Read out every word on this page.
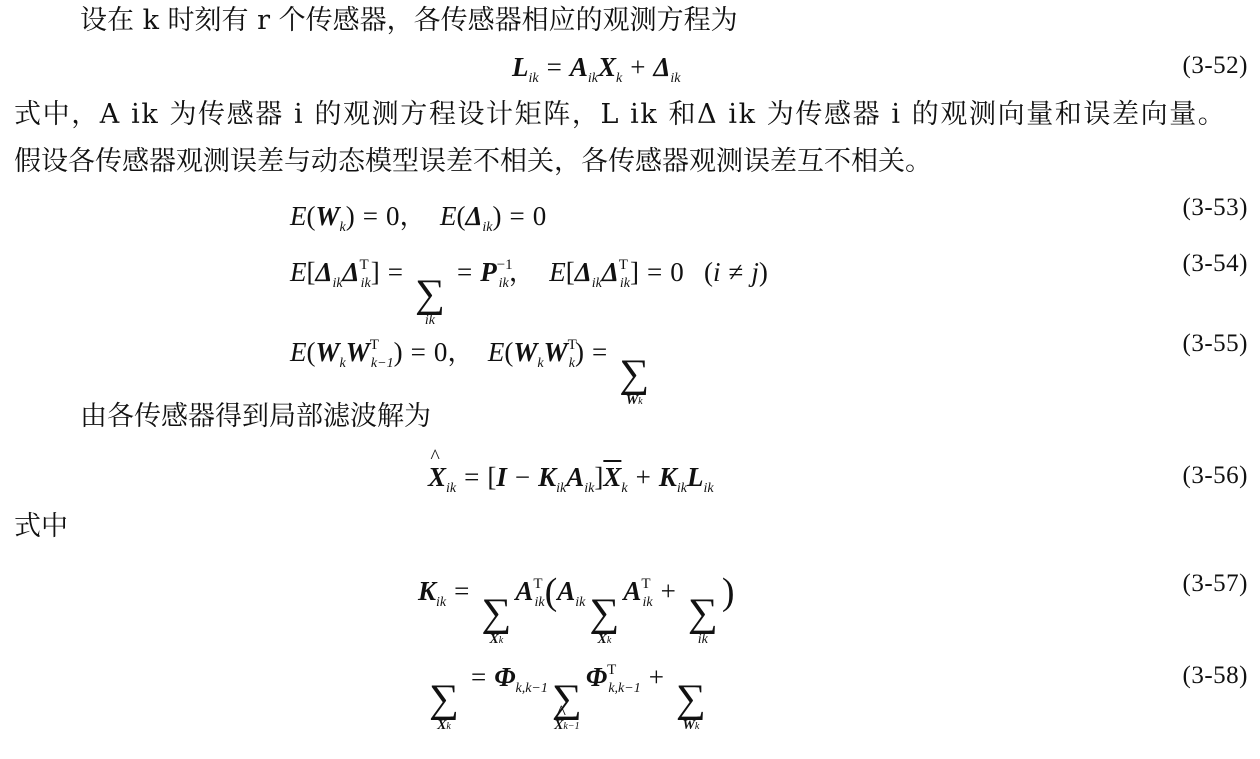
设在 k 时刻有 r 个传感器，各传感器相应的观测方程为
$L_{ik} = A_{ik}X_k + \Delta_{ik}$	(3-52)
式中，A ik 为传感器 i 的观测方程设计矩阵，L ik 和Δ ik 为传感器 i 的观测向量和误差向量。
假设各传感器观测误差与动态模型误差不相关，各传感器观测误差互不相关。
$E(W_k) = 0$，  $E(\Delta_{ik}) = 0$	(3-53)
$E[\Delta_{ik}\Delta^T_{ik}]$ =
∑
ik
= $P^{-1}_{ik}$，  $E[\Delta_{ik}\Delta^T_{ik}] = 0$   (i ≠ j)	(3-54)
$E(W_kW^T_{k-1}) = 0$，  $E(W_kW^T_k)$ =
∑
Wk
(3-55)
由各传感器得到局部滤波解为
^ $X_{ik} = [I - K_{ik}A_{ik}]\overline{X}_k + K_{ik}L_{ik}$	(3-56)
式中
$K_{ik}$ =
∑
$\overline{X}k$
$A^T_{ik}(A_{ik}$ ∑
$\overline{X}k$
$A^T_{ik}$ +
∑
ik
)	(3-57)
∑
$\overline{X}k$
= $\Phi_{k,k-1}$ ∑
^ Xk−1
$\Phi^T_{k,k-1}$ +
∑
Wk
(3-58)
